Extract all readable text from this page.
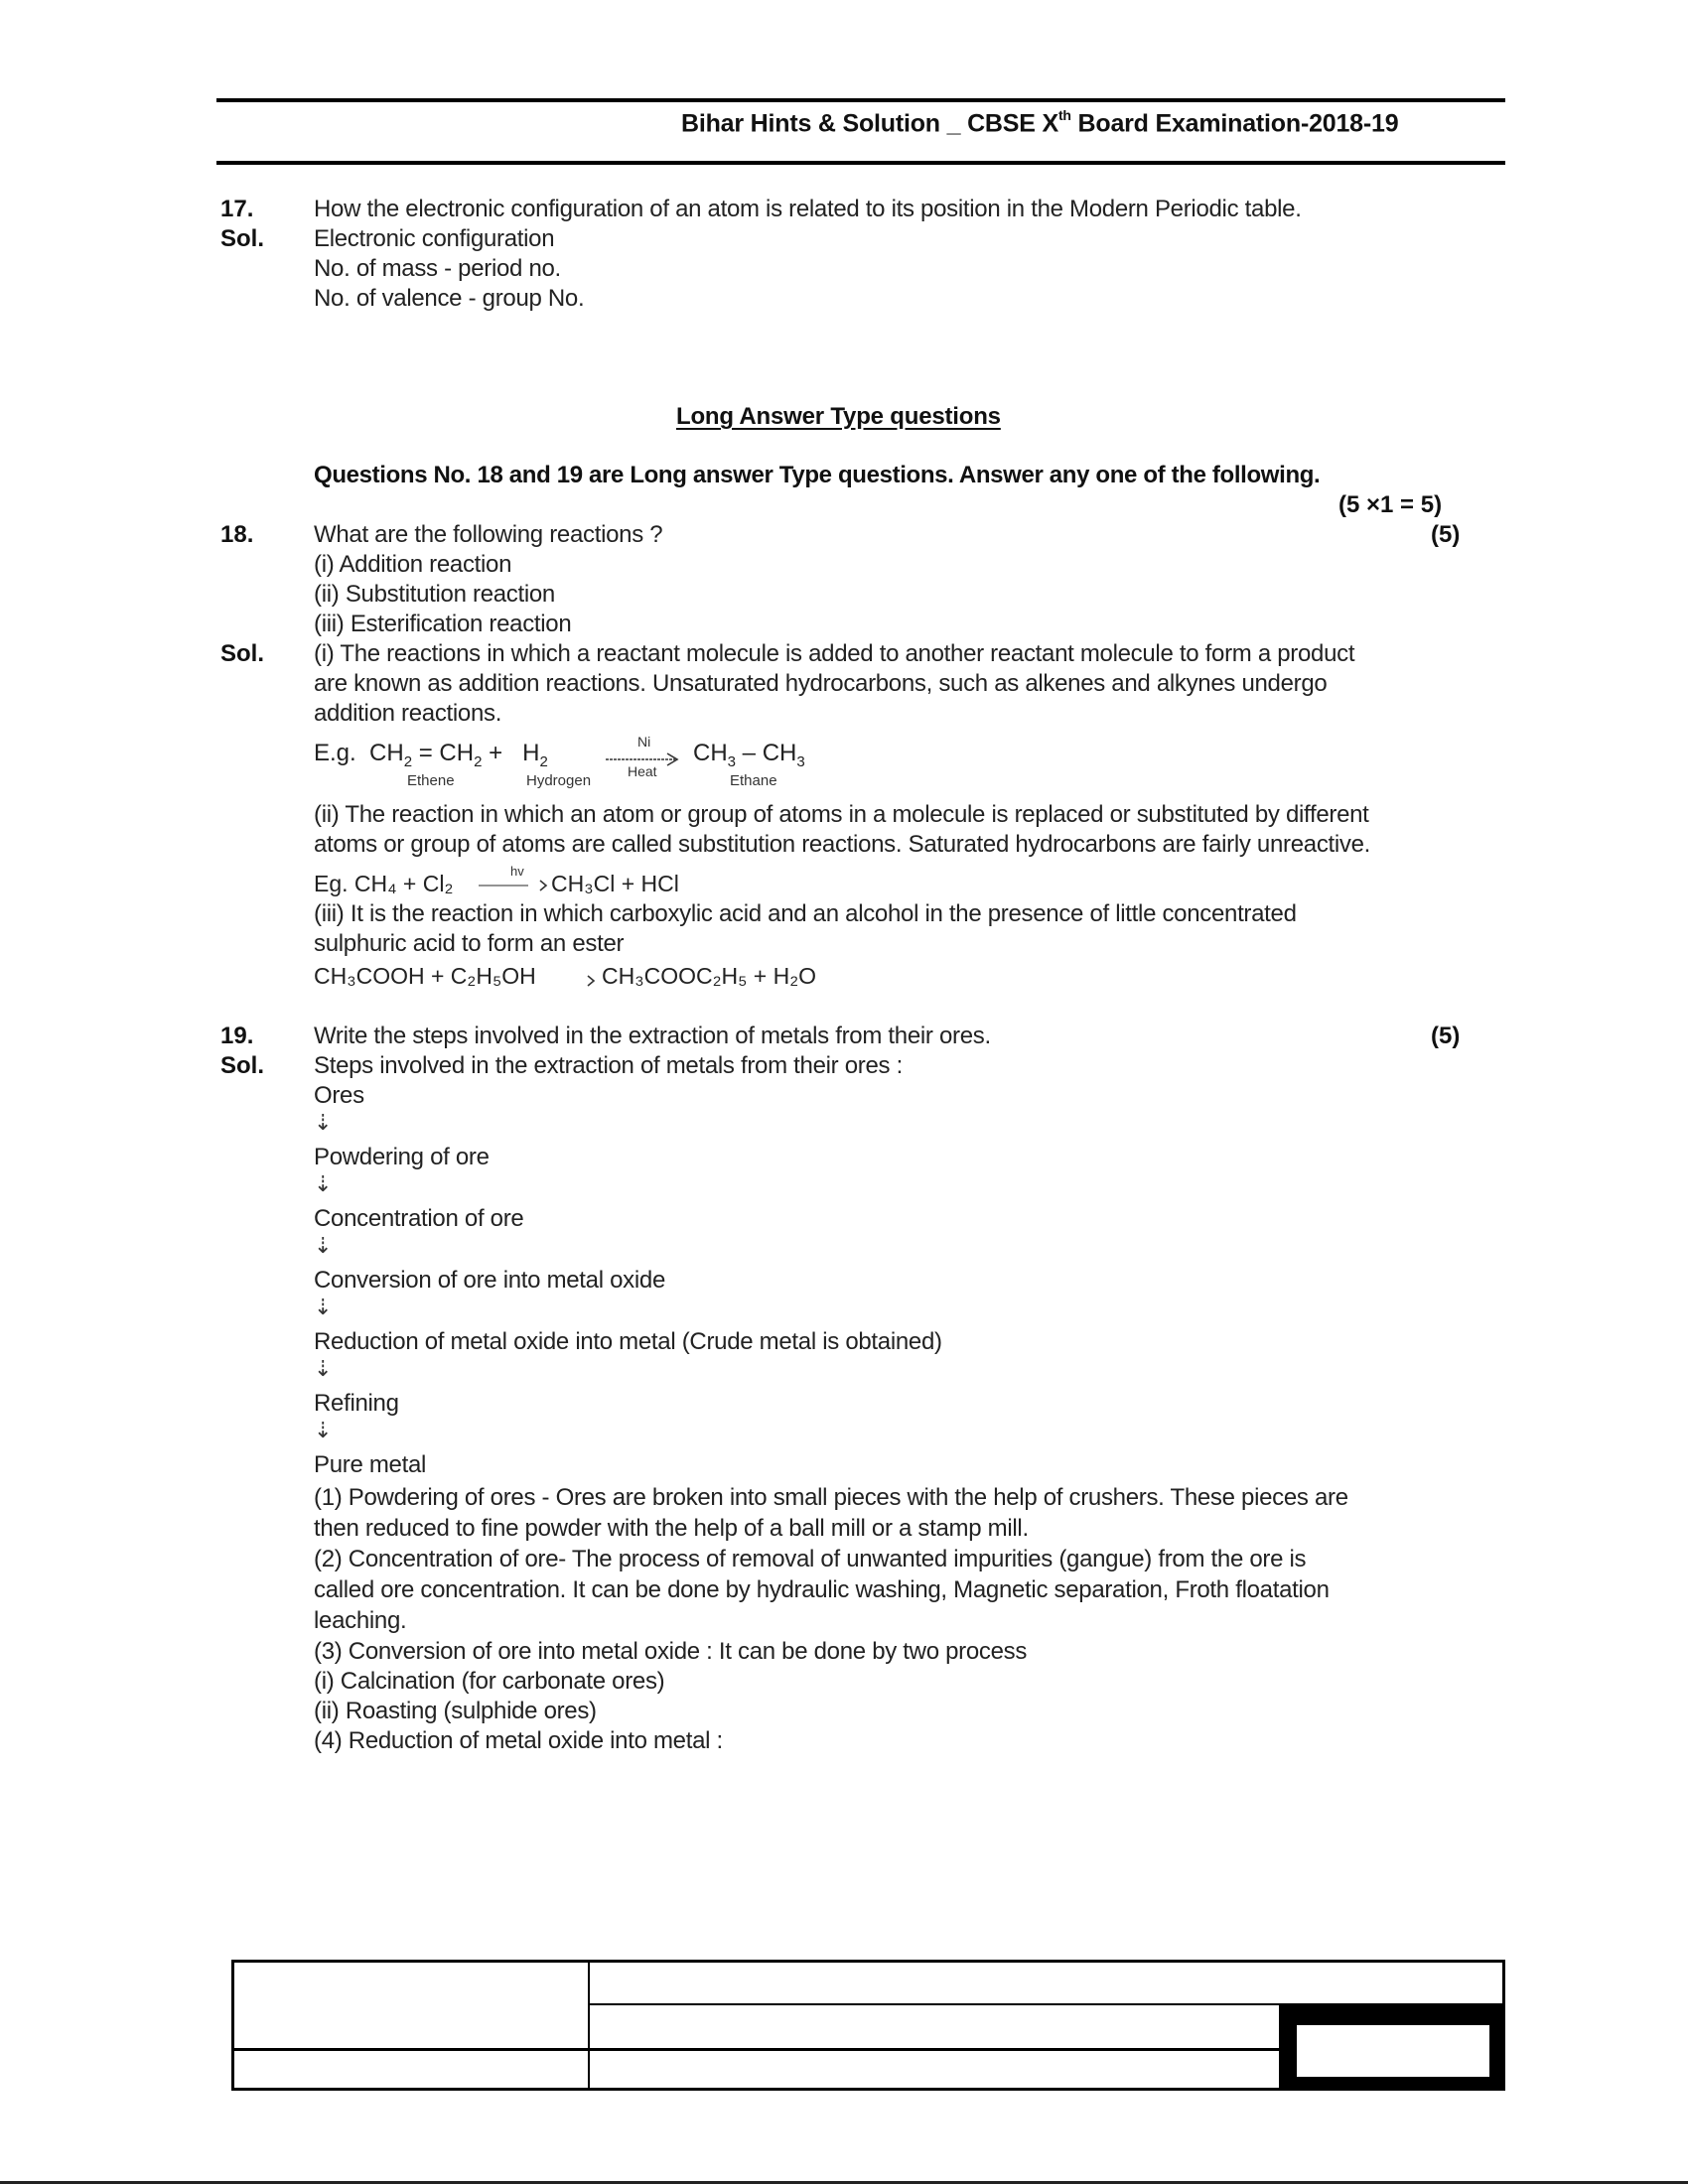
Bihar Hints & Solution _ CBSE Xth Board Examination-2018-19
17.	How the electronic configuration of an atom is related to its position in the Modern Periodic table.
Sol. Electronic configuration
No. of mass - period no.
No. of valence - group No.
Long Answer Type questions
Questions No. 18 and 19 are Long answer Type questions. Answer any one of the following.
(5 ×1 = 5)
18.	What are the following reactions ?	(5)
(i) Addition reaction
(ii) Substitution reaction
(iii) Esterification reaction
Sol. (i) The reactions in which a reactant molecule is added to another reactant molecule to form a product
are known as addition reactions. Unsaturated hydrocarbons, such as alkenes and alkynes undergo
addition reactions.
E.g. $CH_2 = CH_2 + H_2$
Ni
Heat
$CH_3 - CH_3$
Ethene	Hydrogen	Ethane
(ii) The reaction in which an atom or group of atoms in a molecule is replaced or substituted by different
atoms or group of atoms are called substitution reactions. Saturated hydrocarbons are fairly unreactive.
Eg. CH₄ + Cl₂	hv CH₃Cl + HCl
(iii) It is the reaction in which carboxylic acid and an alcohol in the presence of little concentrated
sulphuric acid to form an ester
CH₃COOH + C₂H₅OH	CH₃COOC₂H₅ + H₂O
19.	Write the steps involved in the extraction of metals from their ores.	(5)
Sol. Steps involved in the extraction of metals from their ores :
Ores
⇣
Powdering of ore
⇣
Concentration of ore
⇣
Conversion of ore into metal oxide
⇣
Reduction of metal oxide into metal (Crude metal is obtained)
⇣
Refining
⇣
Pure metal
(1) Powdering of ores - Ores are broken into small pieces with the help of crushers. These pieces are
then reduced to fine powder with the help of a ball mill or a stamp mill.
(2) Concentration of ore- The process of removal of unwanted impurities (gangue) from the ore is
called ore concentration. It can be done by hydraulic washing, Magnetic separation, Froth floatation
leaching.
(3) Conversion of ore into metal oxide : It can be done by two process
(i) Calcination (for carbonate ores)
(ii) Roasting (sulphide ores)
(4) Reduction of metal oxide into metal :
